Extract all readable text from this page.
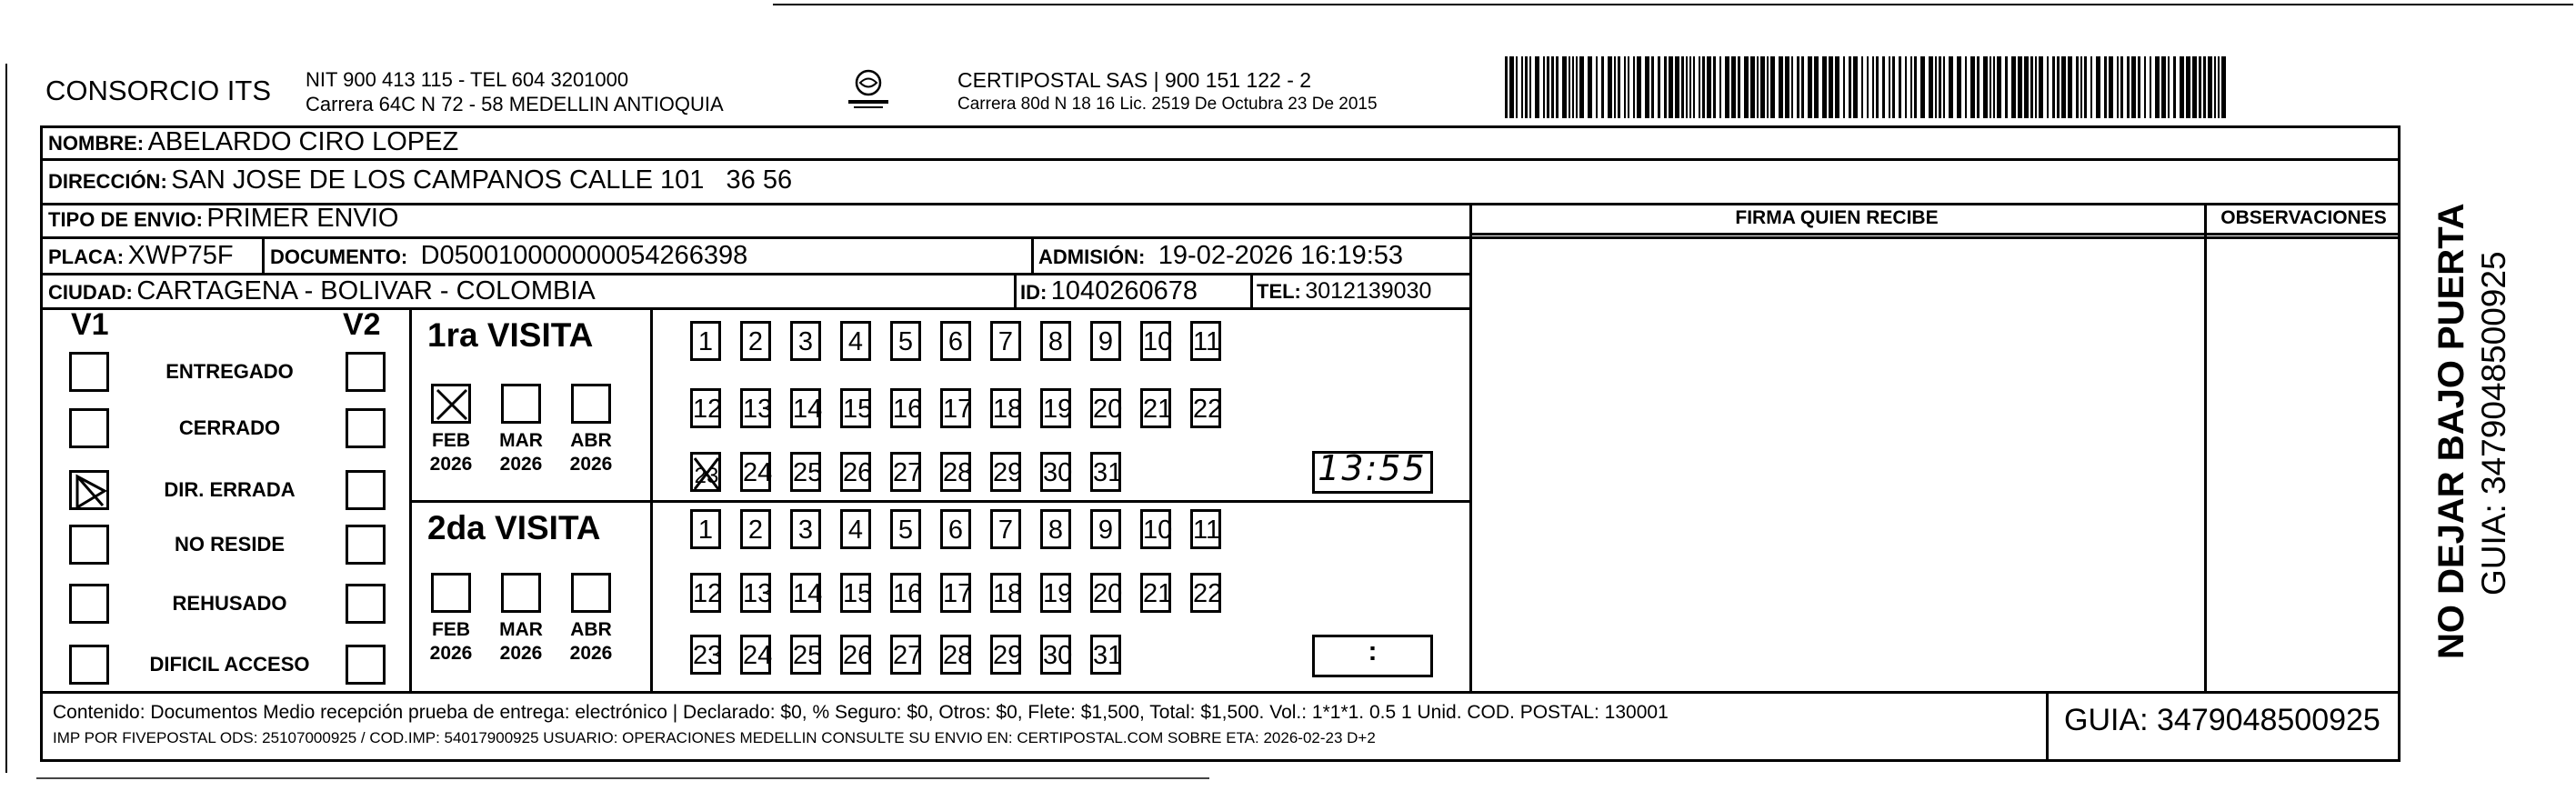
CONSORCIO ITS NIT 900 413 115 - TEL 604 3201000
Carrera 64C N 72 - 58 MEDELLIN ANTIOQUIA
CERTIPOSTAL SAS | 900 151 122 - 2
Carrera 80d N 18 16 Lic. 2519 De Octubra 23 De 2015
NOMBRE: ABELARDO CIRO LOPEZ
DIRECCIÓN: SAN JOSE DE LOS CAMPANOS CALLE 101   36 56
TIPO DE ENVIO: PRIMER ENVIO
PLACA: XWP75F DOCUMENTO: D050010000000054266398	ADMISIÓN: 19-02-2026 16:19:53
CIUDAD: CARTAGENA - BOLIVAR - COLOMBIA	ID: 1040260678	TEL: 3012139030
FIRMA QUIEN RECIBE	OBSERVACIONES
V1	V2
ENTREGADO
CERRADO
DIR. ERRADA
NO RESIDE
REHUSADO
DIFICIL ACCESO
1ra VISITA
2da VISITA
FEB
2026
MAR
2026
ABR
2026
FEB
2026
MAR
2026
ABR
2026
1	2	3	4	5	6	7	8	9	10 11
12 13 14 15 16 17 18 19 20 21 22
23 24 25 26 27 28 29 30 31
1	2	3	4	5	6	7	8	9	10 11
12 13 14 15 16 17 18 19 20 21 22
23 24 25 26 27 28 29 30 31
13:55
:
Contenido: Documentos Medio recepción prueba de entrega: electrónico | Declarado: $0, % Seguro: $0, Otros: $0, Flete: $1,500, Total: $1,500. Vol.: 1*1*1. 0.5 1 Unid. COD. POSTAL: 130001
IMP POR FIVEPOSTAL ODS: 25107000925 / COD.IMP: 54017900925 USUARIO: OPERACIONES MEDELLIN CONSULTE SU ENVIO EN: CERTIPOSTAL.COM SOBRE ETA: 2026-02-23 D+2
GUIA: 3479048500925
NO DEJAR BAJO PUERTA GUIA: 3479048500925
